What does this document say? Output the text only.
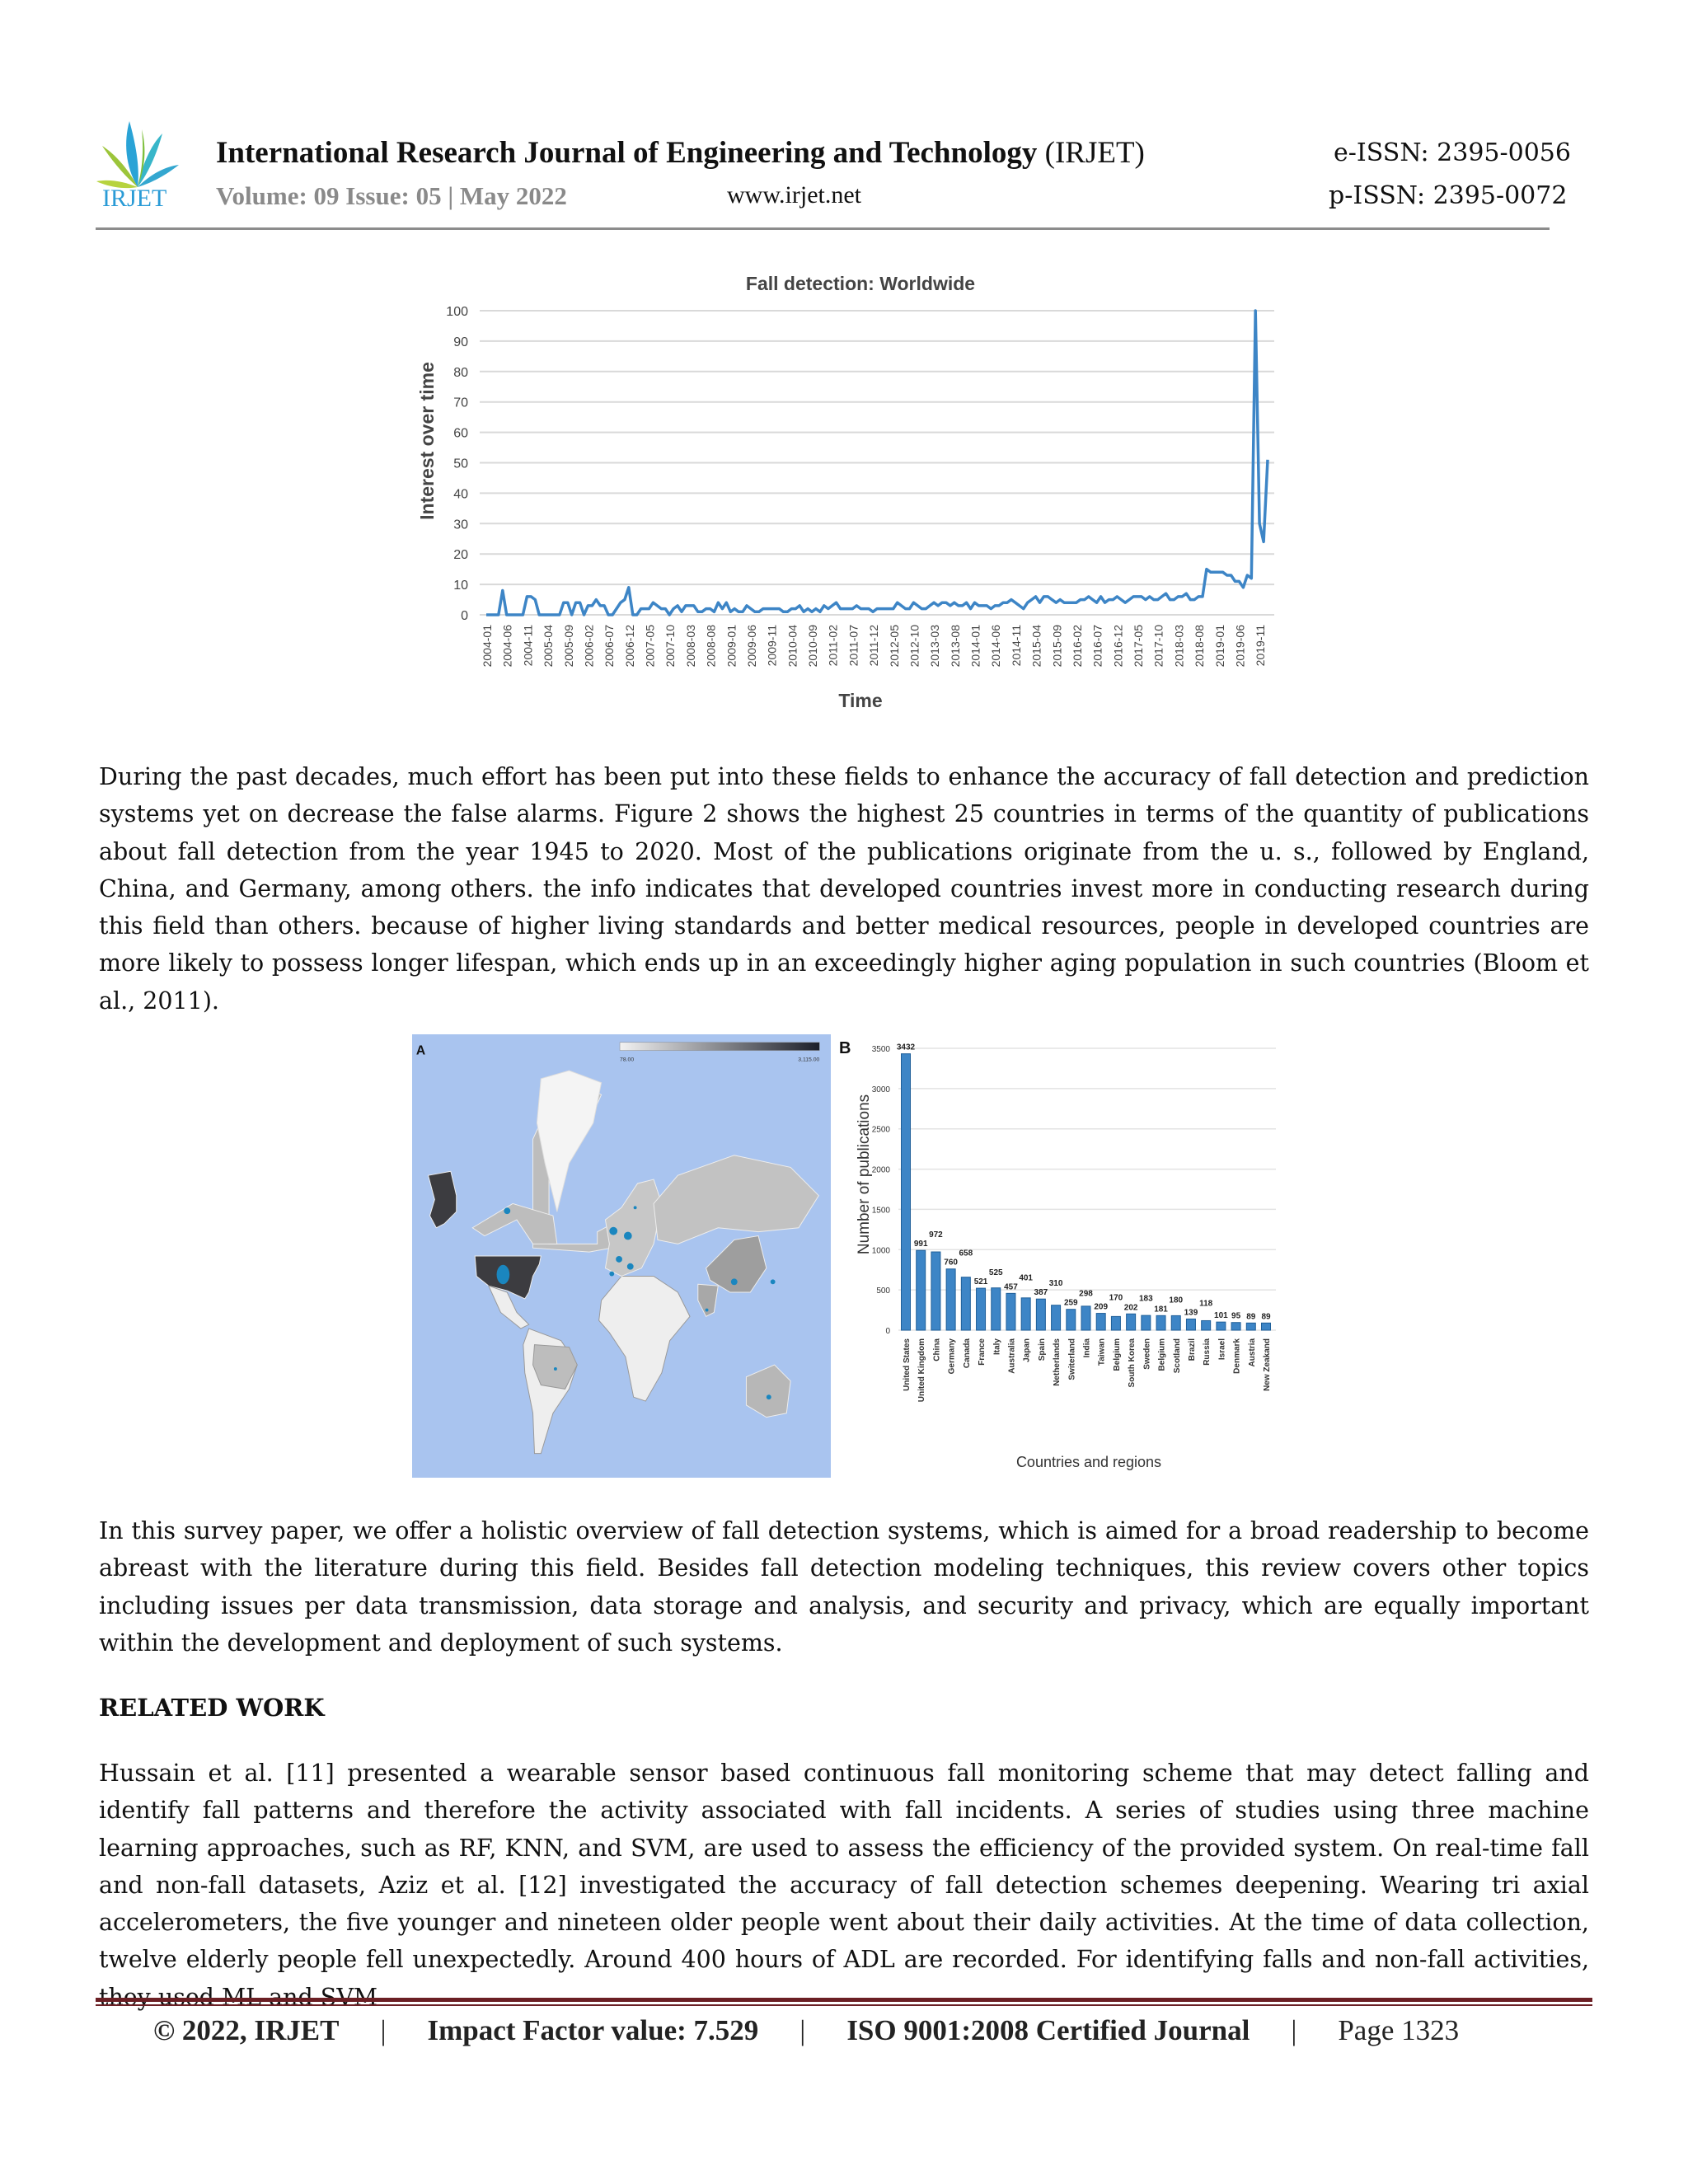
IRJET
International Research Journal of Engineering and Technology (IRJET)
Volume: 09 Issue: 05 | May 2022	www.irjet.net
e-ISSN: 2395-0056
p-ISSN: 2395-0072
Fall detection: Worldwide
0
10
20
30
40
50
60
70
80
90
100
2004-01 2004-06 2004-11 2005-04 2005-09 2006-02 2006-07 2006-12 2007-05 2007-10 2008-03 2008-08 2009-01 2009-06 2009-11 2010-04 2010-09 2011-02 2011-07 2011-12 2012-05 2012-10 2013-03 2013-08 2014-01 2014-06 2014-11 2015-04 2015-09 2016-02 2016-07 2016-12 2017-05 2017-10 2018-03 2018-08 2019-01 2019-06 2019-11
Interest over time
Time
During the past decades, much effort has been put into these fields to enhance the accuracy of fall detection and prediction systems yet on decrease the false alarms. Figure 2 shows the highest 25 countries in terms of the quantity of publications about fall detection from the year 1945 to 2020. Most of the publications originate from the u. s., followed by England, China, and Germany, among others. the info indicates that developed countries invest more in conducting research during this field than others. because of higher living standards and better medical resources, people in developed countries are more likely to possess longer lifespan, which ends up in an exceedingly higher aging population in such countries (Bloom et al., 2011).
78.00	3,115.00
A	B
0
500
1000
1500
2000
2500
3000
3500 3432
991
972
760
658
521
525
457
401
387
310
259
298
209
170
202
183
181
180
139
118
101 95 89 89
United States United Kingdom China Germany Canada France Italy Australia Japan Spain Netherlands Switerland India Taiwan Belgium South Korea Sweden Belgium Scotland Brazil Russia Israel Denmark Austria New Zeakand
Number of publications
Countries and regions
In this survey paper, we offer a holistic overview of fall detection systems, which is aimed for a broad readership to become abreast with the literature during this field. Besides fall detection modeling techniques, this review covers other topics including issues per data transmission, data storage and analysis, and security and privacy, which are equally important within the development and deployment of such systems.
RELATED WORK
Hussain et al. [11] presented a wearable sensor based continuous fall monitoring scheme that may detect falling and identify fall patterns and therefore the activity associated with fall incidents. A series of studies using three machine learning approaches, such as RF, KNN, and SVM, are used to assess the efficiency of the provided system. On real-time fall and non-fall datasets, Aziz et al. [12] investigated the accuracy of fall detection schemes deepening. Wearing tri axial accelerometers, the five younger and nineteen older people went about their daily activities. At the time of data collection, twelve elderly people fell unexpectedly. Around 400 hours of ADL are recorded. For identifying falls and non-fall activities,
© 2022, IRJET | Impact Factor value: 7.529 | ISO 9001:2008 Certified Journal | Page 1323
